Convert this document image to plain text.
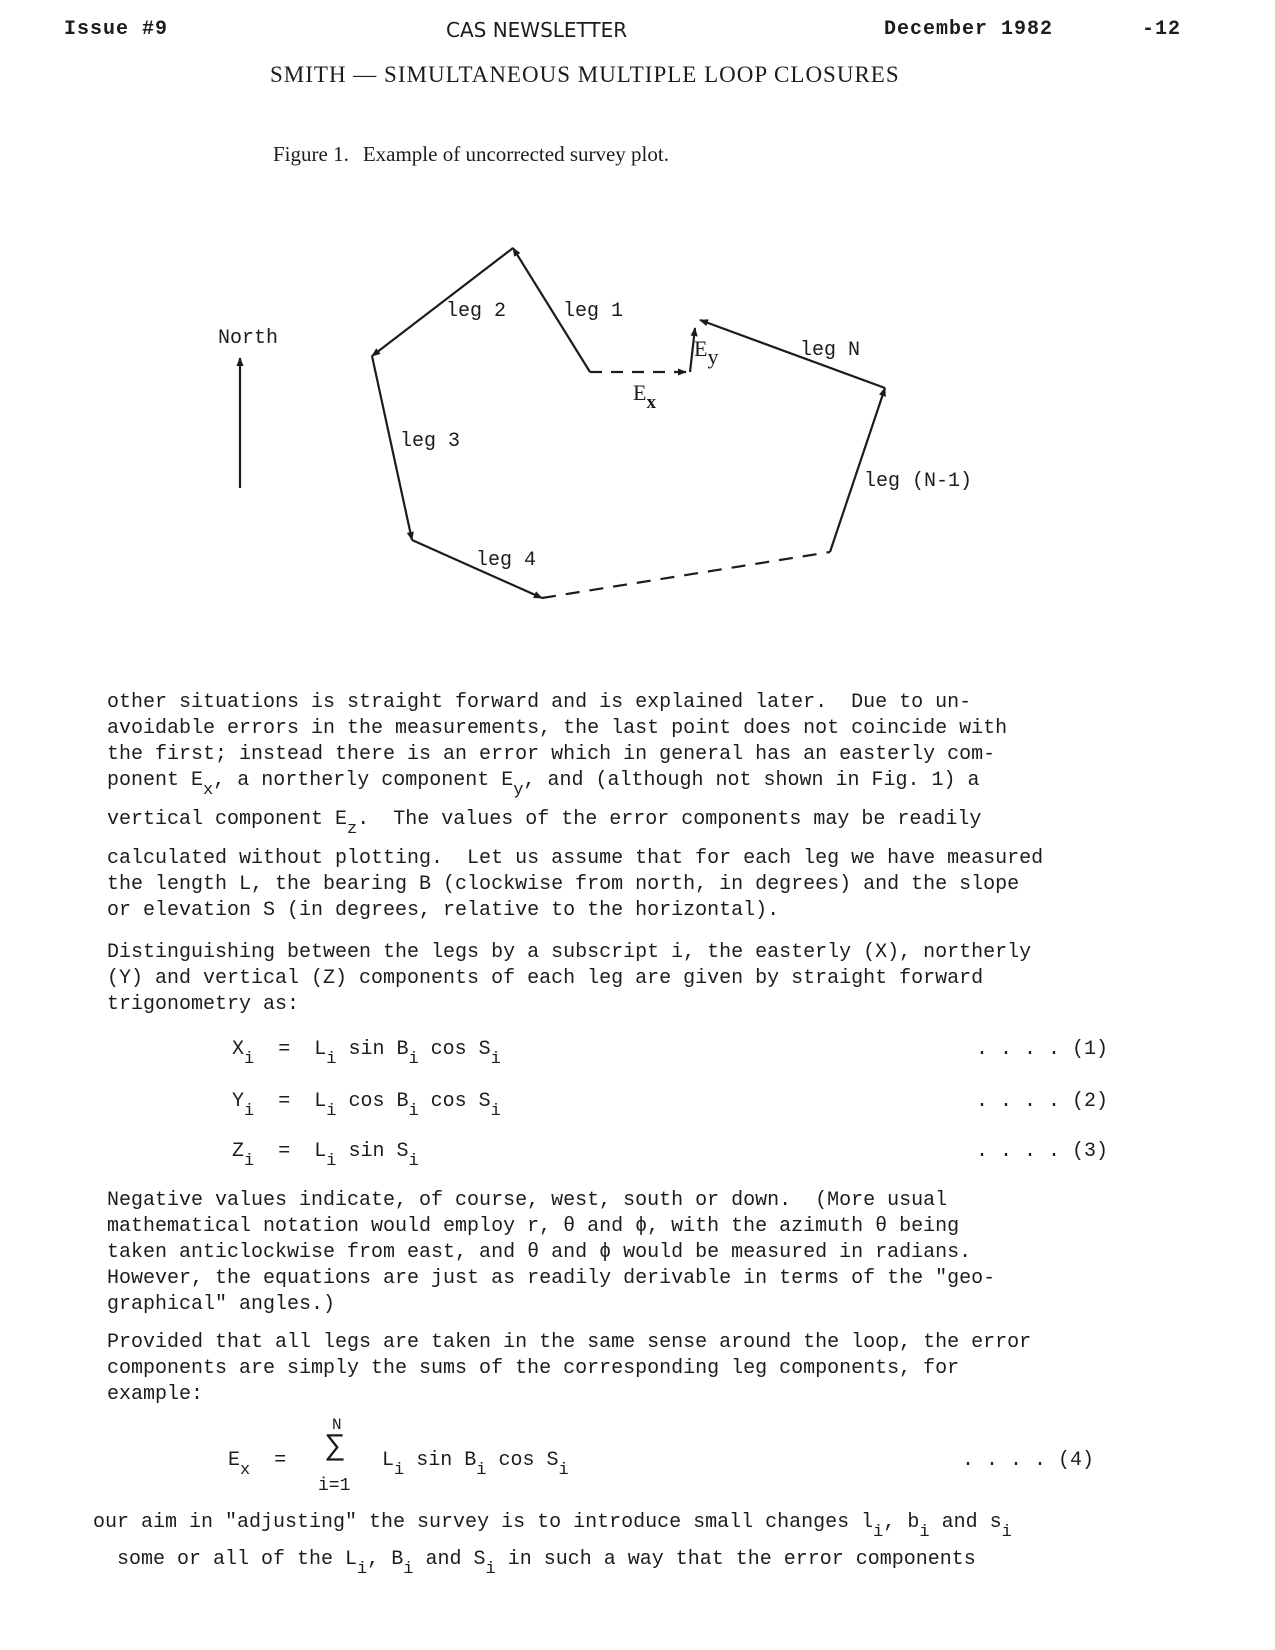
Issue #9	CAS NEWSLETTER	December 1982	-12
SMITH — SIMULTANEOUS MULTIPLE LOOP CLOSURES
Figure 1. Example of uncorrected survey plot.
North
leg 2	leg 1
leg 3
leg 4
leg (N-1)
leg N
Ey
Ex
other situations is straight forward and is explained later.  Due to un-
avoidable errors in the measurements, the last point does not coincide with
the first; instead there is an error which in general has an easterly com-
ponent $E_x$, a northerly component $E_y$, and (although not shown in Fig. 1) a
vertical component $E_z$.  The values of the error components may be readily
calculated without plotting.  Let us assume that for each leg we have measured
the length L, the bearing B (clockwise from north, in degrees) and the slope
or elevation S (in degrees, relative to the horizontal).
Distinguishing between the legs by a subscript i, the easterly (X), northerly
(Y) and vertical (Z) components of each leg are given by straight forward
trigonometry as:
$X_i = L_i$ $\sin B_i$ $\cos S_i$	. . . . (1)
$Y_i = L_i$ $\cos B_i$ $\cos S_i$	. . . . (2)
$Z_i = L_i$ $\sin S_i$	. . . . (3)
Negative values indicate, of course, west, south or down.  (More usual
mathematical notation would employ r, θ and ϕ, with the azimuth θ being
taken anticlockwise from east, and θ and ϕ would be measured in radians.
However, the equations are just as readily derivable in terms of the "geo-
graphical" angles.)
Provided that all legs are taken in the same sense around the loop, the error
components are simply the sums of the corresponding leg components, for
example:
$E_x$  =
N
∑
i=1
$L_i$ $\sin B_i$ $\cos S_i$	. . . . (4)
our aim in "adjusting" the survey is to introduce small changes $l_i$, $b_i$ and $s_i$
some or all of the $L_i$, $B_i$ and $S_i$ in such a way that the error components
